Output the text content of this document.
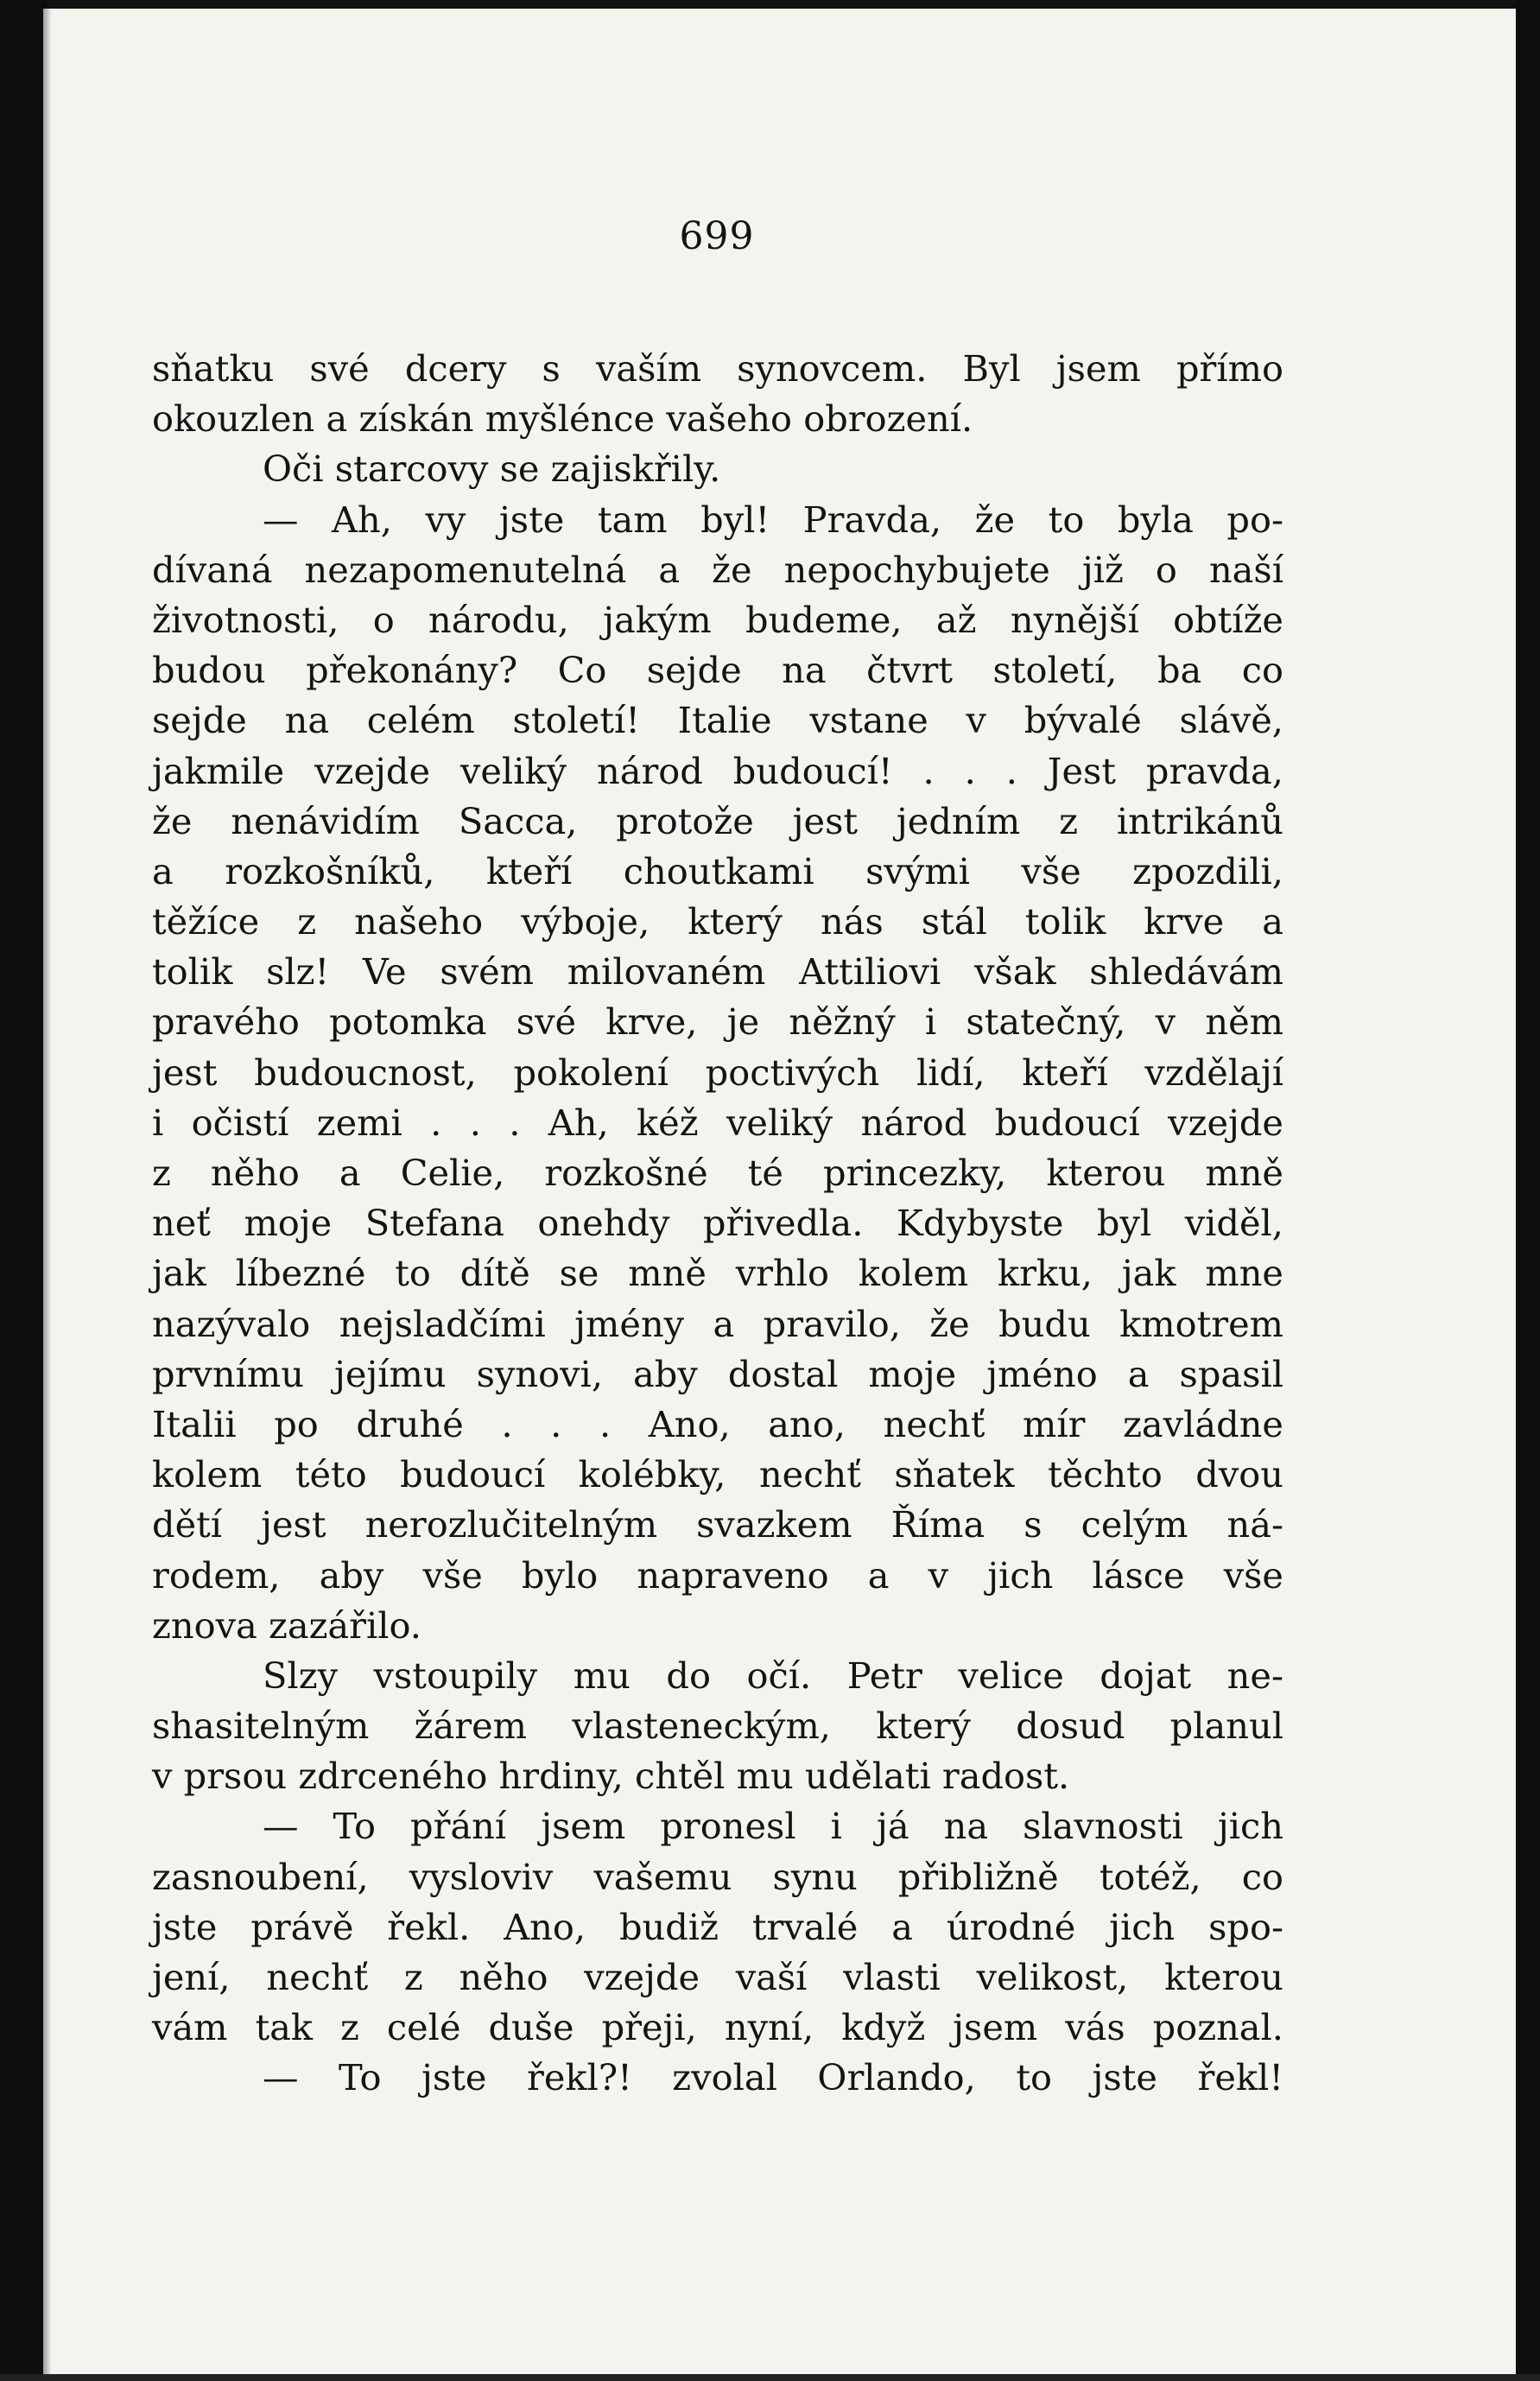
699
sňatku své dcery s vaším synovcem. Byl jsem přímo
okouzlen a získán myšlénce vašeho obrození.
Oči starcovy se zajiskřily.
— Ah, vy jste tam byl! Pravda, že to byla po-
dívaná nezapomenutelná a že nepochybujete již o naší
životnosti, o národu, jakým budeme, až nynější obtíže
budou překonány? Co sejde na čtvrt století, ba co
sejde na celém století! Italie vstane v bývalé slávě,
jakmile vzejde veliký národ budoucí! . . . Jest pravda,
že nenávidím Sacca, protože jest jedním z intrikánů
a rozkošníků, kteří choutkami svými vše zpozdili,
těžíce z našeho výboje, který nás stál tolik krve a
tolik slz! Ve svém milovaném Attiliovi však shledávám
pravého potomka své krve, je něžný i statečný, v něm
jest budoucnost, pokolení poctivých lidí, kteří vzdělají
i očistí zemi . . . Ah, kéž veliký národ budoucí vzejde
z něho a Celie, rozkošné té princezky, kterou mně
neť moje Stefana onehdy přivedla. Kdybyste byl viděl,
jak líbezné to dítě se mně vrhlo kolem krku, jak mne
nazývalo nejsladčími jmény a pravilo, že budu kmotrem
prvnímu jejímu synovi, aby dostal moje jméno a spasil
Italii po druhé . . . Ano, ano, nechť mír zavládne
kolem této budoucí kolébky, nechť sňatek těchto dvou
dětí jest nerozlučitelným svazkem Říma s celým ná-
rodem, aby vše bylo napraveno a v jich lásce vše
znova zazářilo.
Slzy vstoupily mu do očí. Petr velice dojat ne-
shasitelným žárem vlasteneckým, který dosud planul
v prsou zdrceného hrdiny, chtěl mu udělati radost.
— To přání jsem pronesl i já na slavnosti jich
zasnoubení, vysloviv vašemu synu přibližně totéž, co
jste právě řekl. Ano, budiž trvalé a úrodné jich spo-
jení, nechť z něho vzejde vaší vlasti velikost, kterou
vám tak z celé duše přeji, nyní, když jsem vás poznal.
— To jste řekl?! zvolal Orlando, to jste řekl!
